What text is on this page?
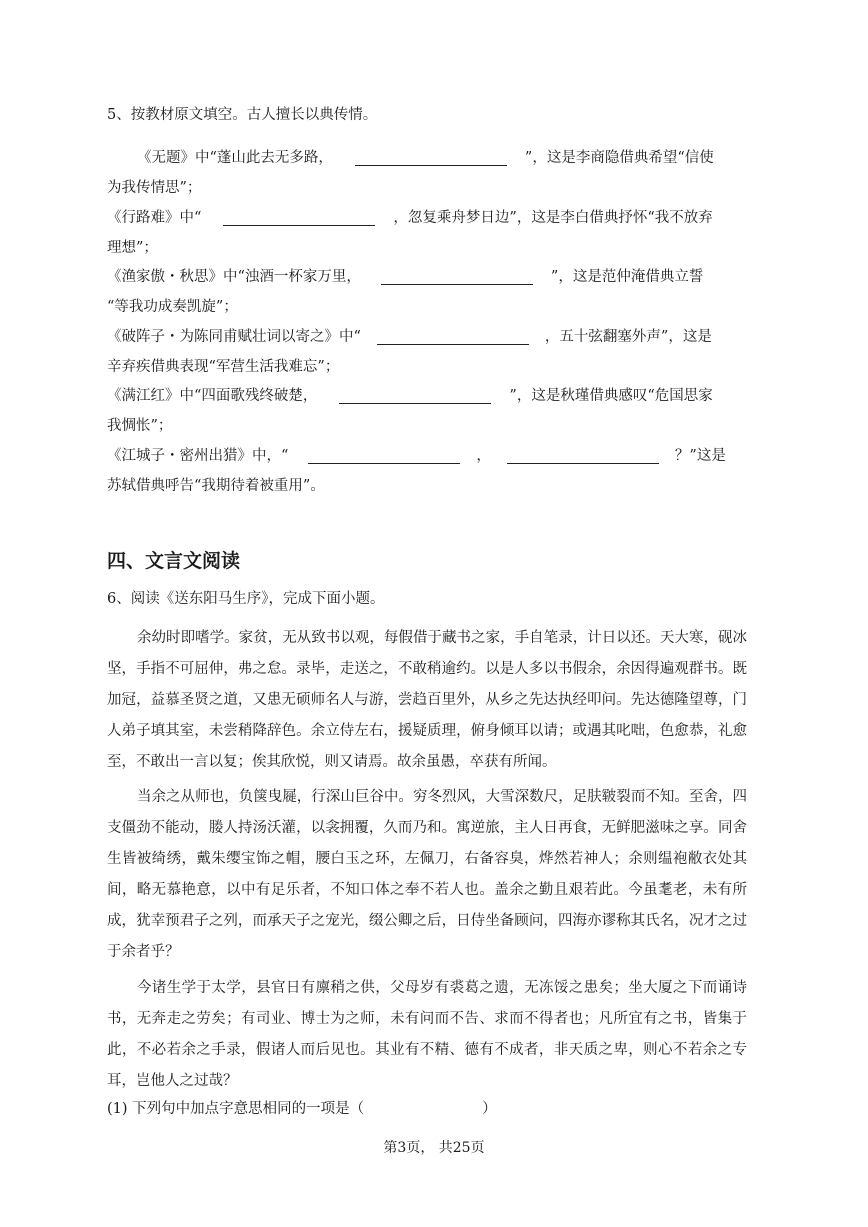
5、按教材原文填空。古人擅长以典传情。
《无题》中“蓬山此去无多路，	”，这是李商隐借典希望“信使
为我传情思”；
《行路难》中“	，忽复乘舟梦日边”，这是李白借典抒怀“我不放弃
理想”；
《渔家傲・秋思》中“浊酒一杯家万里，	”，这是范仲淹借典立誓
“等我功成奏凯旋”；
《破阵子・为陈同甫赋壮词以寄之》中“	，五十弦翻塞外声”，这是
辛弃疾借典表现“军营生活我难忘”；
《满江红》中“四面歌残终破楚，	”，这是秋瑾借典感叹“危国思家
我惆怅”；
《江城子・密州出猎》中，“	，	？”这是
苏轼借典呼告“我期待着被重用”。
四、文言文阅读
6、阅读《送东阳马生序》，完成下面小题。
余幼时即嗜学。家贫，无从致书以观，每假借于藏书之家，手自笔录，计日以还。天大寒，砚冰坚，手指不可屈伸，弗之怠。录毕，走送之，不敢稍逾约。以是人多以书假余，余因得遍观群书。既加冠，益慕圣贤之道，又患无硕师名人与游，尝趋百里外，从乡之先达执经叩问。先达德隆望尊，门人弟子填其室，未尝稍降辞色。余立侍左右，援疑质理，俯身倾耳以请；或遇其叱咄，色愈恭，礼愈至，不敢出一言以复；俟其欣悦，则又请焉。故余虽愚，卒获有所闻。
当余之从师也，负箧曳屣，行深山巨谷中。穷冬烈风，大雪深数尺，足肤皲裂而不知。至舍，四支僵劲不能动，媵人持汤沃灌，以衾拥覆，久而乃和。寓逆旅，主人日再食，无鲜肥滋味之享。同舍生皆被绮绣，戴朱缨宝饰之帽，腰白玉之环，左佩刀，右备容臭，烨然若神人；余则缊袍敝衣处其间，略无慕艳意，以中有足乐者，不知口体之奉不若人也。盖余之勤且艰若此。今虽耄老，未有所成，犹幸预君子之列，而承天子之宠光，缀公卿之后，日侍坐备顾问，四海亦谬称其氏名，况才之过于余者乎？
今诸生学于太学，县官日有廪稍之供，父母岁有裘葛之遗，无冻馁之患矣；坐大厦之下而诵诗书，无奔走之劳矣；有司业、博士为之师，未有问而不告、求而不得者也；凡所宜有之书，皆集于此，不必若余之手录，假诸人而后见也。其业有不精、德有不成者，非天质之卑，则心不若余之专耳，岂他人之过哉？
(1) 下列句中加点字意思相同的一项是（	）
第3页， 共25页
